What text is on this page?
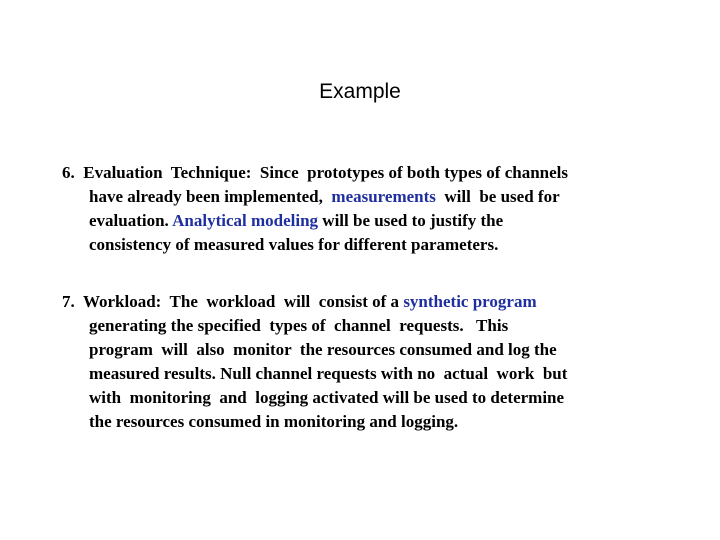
Example
6.  Evaluation  Technique:  Since  prototypes of both types of channels
have already been implemented,  measurements  will  be used for
evaluation. Analytical modeling will be used to justify the
consistency of measured values for different parameters.
7.  Workload:  The  workload  will  consist of a synthetic program
generating the specified  types of  channel  requests.   This
program  will  also  monitor  the resources consumed and log the
measured results. Null channel requests with no  actual  work  but
with  monitoring  and  logging activated will be used to determine
the resources consumed in monitoring and logging.
